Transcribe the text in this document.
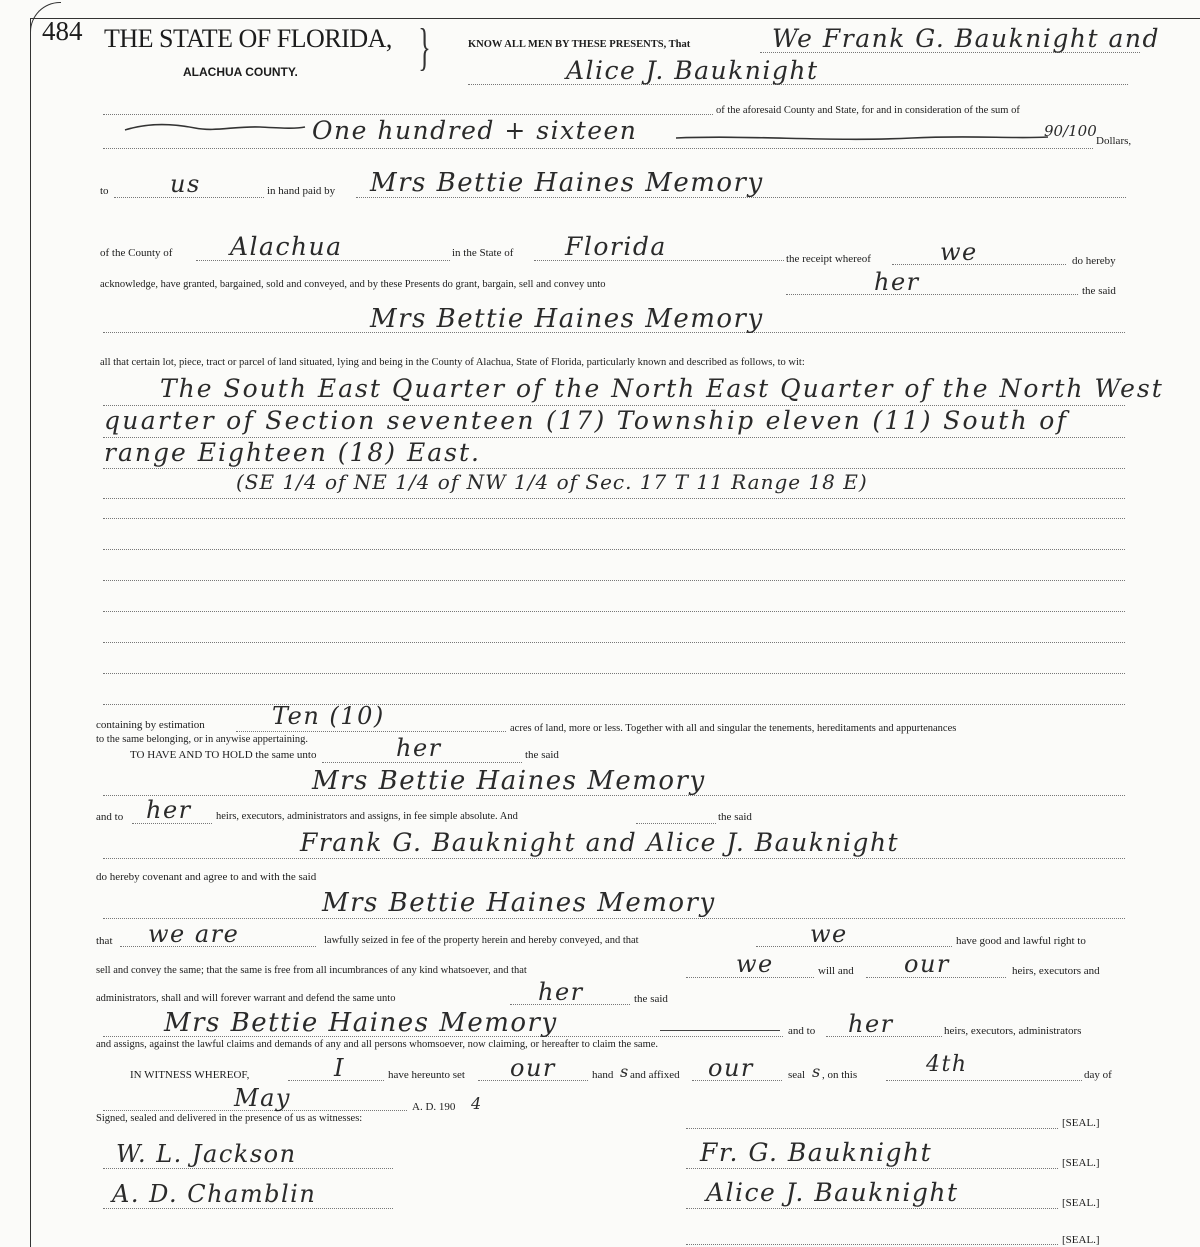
484 THE STATE OF FLORIDA, }
ALACHUA COUNTY.
KNOW ALL MEN BY THESE PRESENTS, That	We Frank G. Bauknight and
Alice J. Bauknight
of the aforesaid County and State, for and in consideration of the sum of
One hundred + sixteen	90/100
Dollars,
to	us	in hand paid by Mrs Bettie Haines Memory
of the County of Alachua	in the State of Florida	the receipt whereof	we	do hereby
acknowledge, have granted, bargained, sold and conveyed, and by these Presents do grant, bargain, sell and convey unto	her	the said
Mrs Bettie Haines Memory
all that certain lot, piece, tract or parcel of land situated, lying and being in the County of Alachua, State of Florida, particularly known and described as follows, to wit:
The South East Quarter of the North East Quarter of the North West
quarter of Section seventeen (17) Township eleven (11) South of
range Eighteen (18) East.
(SE 1/4 of NE 1/4 of NW 1/4 of Sec. 17 T 11 Range 18 E)
containing by estimation	Ten (10)	acres of land, more or less. Together with all and singular the tenements, hereditaments and appurtenances
to the same belonging, or in anywise appertaining.
TO HAVE AND TO HOLD the same unto	her	the said
Mrs Bettie Haines Memory
and to her heirs, executors, administrators and assigns, in fee simple absolute. And	the said
Frank G. Bauknight and Alice J. Bauknight
do hereby covenant and agree to and with the said
Mrs Bettie Haines Memory
that we are	lawfully seized in fee of the property herein and hereby conveyed, and that	we	have good and lawful right to
sell and convey the same; that the same is free from all incumbrances of any kind whatsoever, and that	we	will and our	heirs, executors and
administrators, shall and will forever warrant and defend the same unto	her	the said
Mrs Bettie Haines Memory	and to her	heirs, executors, administrators
and assigns, against the lawful claims and demands of any and all persons whomsoever, now claiming, or hereafter to claim the same.
IN WITNESS WHEREOF,	I	have hereunto set our	hand s and affixed our	seal s , on this	4th	day of
May	A. D. 190 4
Signed, sealed and delivered in the presence of us as witnesses:	[SEAL.]
W. L. Jackson	Fr. G. Bauknight	[SEAL.]
A. D. Chamblin	Alice J. Bauknight	[SEAL.]
[SEAL.]
